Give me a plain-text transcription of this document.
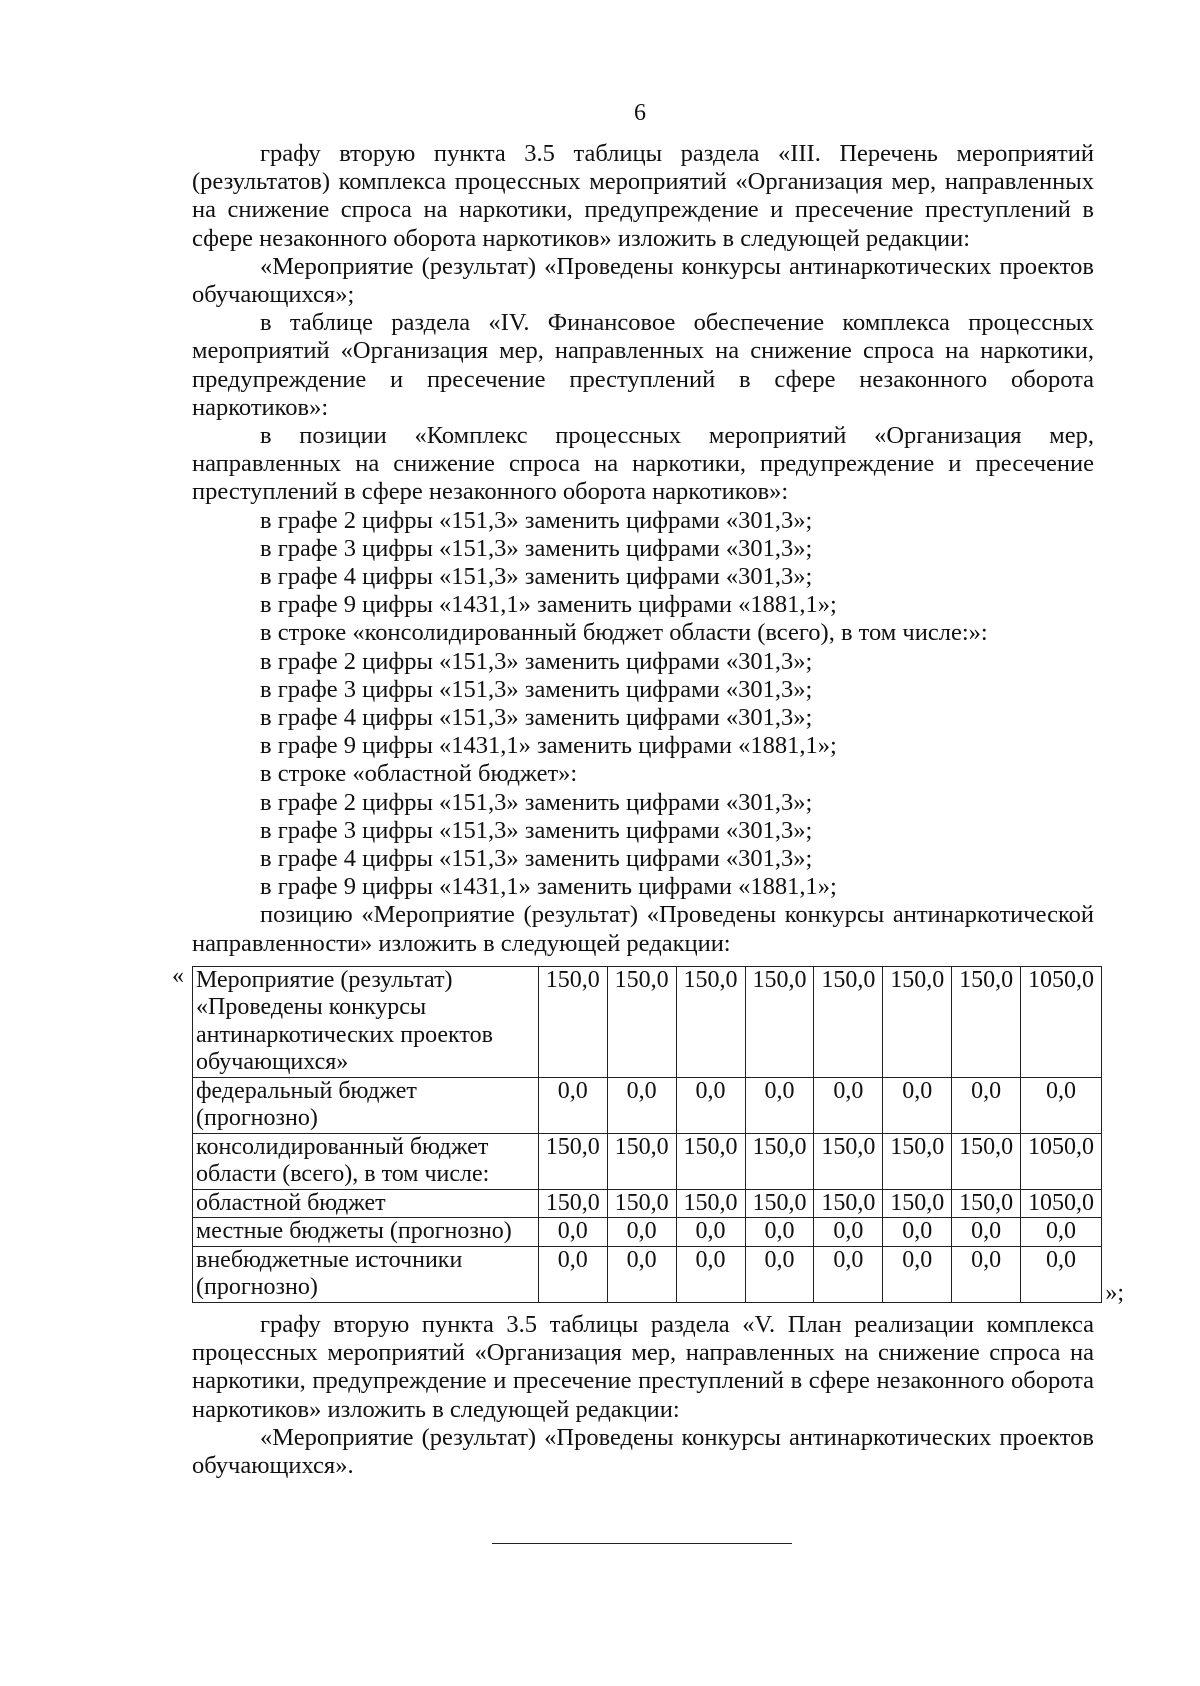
6

графу вторую пункта 3.5 таблицы раздела «III. Перечень мероприятий (результатов) комплекса процессных мероприятий «Организация мер, направленных на снижение спроса на наркотики, предупреждение и пресечение преступлений в сфере незаконного оборота наркотиков» изложить в следующей редакции:

«Мероприятие (результат) «Проведены конкурсы антинаркотических проектов обучающихся»;

в таблице раздела «IV. Финансовое обеспечение комплекса процессных мероприятий «Организация мер, направленных на снижение спроса на наркотики, предупреждение и пресечение преступлений в сфере незаконного оборота наркотиков»:

в позиции «Комплекс процессных мероприятий «Организация мер, направленных на снижение спроса на наркотики, предупреждение и пресечение преступлений в сфере незаконного оборота наркотиков»:

в графе 2 цифры «151,3» заменить цифрами «301,3»;

в графе 3 цифры «151,3» заменить цифрами «301,3»;

в графе 4 цифры «151,3» заменить цифрами «301,3»;

в графе 9 цифры «1431,1» заменить цифрами «1881,1»;

в строке «консолидированный бюджет области (всего), в том числе:»:

в графе 2 цифры «151,3» заменить цифрами «301,3»;

в графе 3 цифры «151,3» заменить цифрами «301,3»;

в графе 4 цифры «151,3» заменить цифрами «301,3»;

в графе 9 цифры «1431,1» заменить цифрами «1881,1»;

в строке «областной бюджет»:

в графе 2 цифры «151,3» заменить цифрами «301,3»;

в графе 3 цифры «151,3» заменить цифрами «301,3»;

в графе 4 цифры «151,3» заменить цифрами «301,3»;

в графе 9 цифры «1431,1» заменить цифрами «1881,1»;

позицию «Мероприятие (результат) «Проведены конкурсы антинаркотической направленности» изложить в следующей редакции:

« Мероприятие (результат) «Проведены конкурсы антинаркотических проектов обучающихся»	150,0	150,0	150,0	150,0	150,0	150,0	150,0	1050,0
федеральный бюджет (прогнозно)	0,0	0,0	0,0	0,0	0,0	0,0	0,0	0,0
консолидированный бюджет области (всего), в том числе:	150,0	150,0	150,0	150,0	150,0	150,0	150,0	1050,0
областной бюджет	150,0	150,0	150,0	150,0	150,0	150,0	150,0	1050,0
местные бюджеты (прогнозно)	0,0	0,0	0,0	0,0	0,0	0,0	0,0	0,0
внебюджетные источники (прогнозно)	0,0	0,0	0,0	0,0	0,0	0,0	0,0	0,0
»;

графу вторую пункта 3.5 таблицы раздела «V. План реализации комплекса процессных мероприятий «Организация мер, направленных на снижение спроса на наркотики, предупреждение и пресечение преступлений в сфере незаконного оборота наркотиков» изложить в следующей редакции:

«Мероприятие (результат) «Проведены конкурсы антинаркотических проектов обучающихся».
